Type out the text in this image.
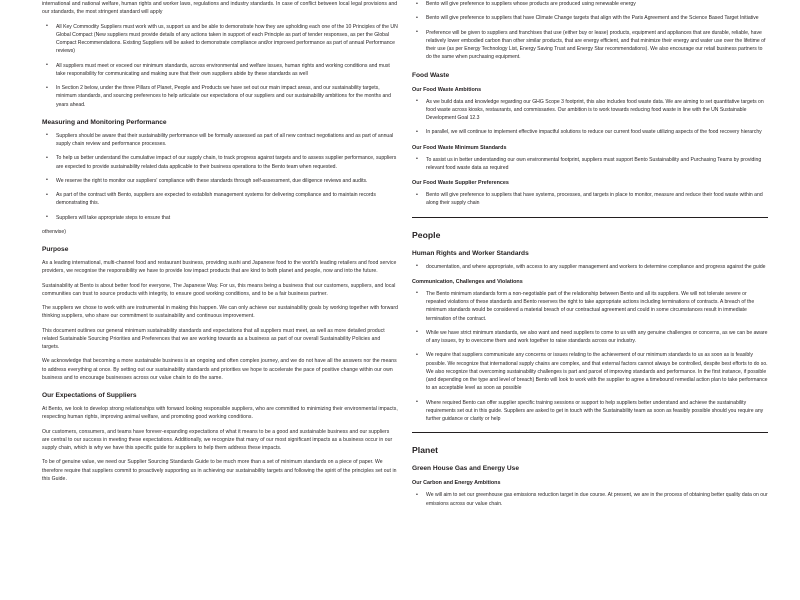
international and national welfare, human rights and worker laws, regulations and industry standards. In case of conflict between local legal provisions and our standards, the most stringent standard will apply

• All Key Commodity Suppliers must work with us, support us and be able to demonstrate how they are upholding each one of the 10 Principles of the UN Global Compact (New suppliers must provide details of any actions taken in support of each Principle as part of tender responses, as per the Global Compact Recommendations. Existing Suppliers will be asked to demonstrate compliance and/or improved performance as part of annual Performance reviews)
• All suppliers must meet or exceed our minimum standards, across environmental and welfare issues, human rights and working conditions and must take responsibility for communicating and making sure that their own suppliers abide by these standards as well
• In Section 2 below, under the three Pillars of Planet, People and Products we have set out our main impact areas, and our sustainability targets, minimum standards, and sourcing preferences to help articulate our expectations of our suppliers and our sustainability ambitions for the months and years ahead.
Measuring and Monitoring Performance
• Suppliers should be aware that their sustainability performance will be formally assessed as part of all new contract negotiations and as part of annual supply chain review and performance processes.
• To help us better understand the cumulative impact of our supply chain, to track progress against targets and to assess supplier performance, suppliers are expected to provide sustainability related data applicable to their business operations to the Bento team when requested.
• We reserve the right to monitor our suppliers' compliance with these standards through self-assessment, due diligence reviews and audits.
• As part of the contract with Bento, suppliers are expected to establish management systems for delivering compliance and to maintain records demonstrating this.
• Suppliers will take appropriate steps to ensure that

otherwise)

Purpose

As a leading international, multi-channel food and restaurant business, providing sushi and Japanese food to the world's leading retailers and food service providers, we recognise the responsibility we have to provide low impact products that are kind to both planet and people, now and into the future.

Sustainability at Bento is about better food for everyone, The Japanese Way. For us, this means being a business that our customers, suppliers, and local communities can trust to source products with integrity, to ensure good working conditions, and to be a fair business partner.

The suppliers we chose to work with are instrumental in making this happen. We can only achieve our sustainability goals by working together with forward thinking suppliers, who share our commitment to sustainability and continuous improvement.

This document outlines our general minimum sustainability standards and expectations that all suppliers must meet, as well as more detailed product related Sustainable Sourcing Priorities and Preferences that we are working towards as a business as part of our overall Sustainability Policies and targets.

We acknowledge that becoming a more sustainable business is an ongoing and often complex journey, and we do not have all the answers nor the means to address everything at once. By setting out our sustainability standards and priorities we hope to accelerate the pace of positive change within our own business and to encourage businesses across our value chain to do the same.

Our Expectations of Suppliers

At Bento, we look to develop strong relationships with forward looking responsible suppliers, who are committed to minimizing their environmental impacts, respecting human rights, improving animal welfare, and promoting good working conditions.

Our customers, consumers, and teams have forever-expanding expectations of what it means to be a good and sustainable business and our suppliers are central to our success in meeting these expectations. Additionally, we recognize that many of our most significant impacts as a business occur in our supply chain, which is why we have this specific guide for suppliers to help them address these impacts.

To be of genuine value, we need our Supplier Sourcing Standards Guide to be much more than a set of minimum standards on a piece of paper. We therefore require that suppliers commit to proactively supporting us in achieving our sustainability targets and following the spirit of the principles set out in this Guide.

• Bento will give preference to suppliers whose products are produced using renewable energy
• Bento will give preference to suppliers that have Climate Change targets that align with the Paris Agreement and the Science Based Target Initiative
• Preference will be given to suppliers and franchises that use (either buy or lease) products, equipment and appliances that are durable, reliable, have relatively lower embodied carbon than other similar products, that are energy efficient, and that minimize their energy and water use over the lifetime of their use (as per Energy Technology List, Energy Saving Trust and Energy Star recommendations). We also encourage our retail business partners to do the same when purchasing equipment.
Food Waste
Our Food Waste Ambitions
• As we build data and knowledge regarding our GHG Scope 3 footprint, this also includes food waste data. We are aiming to set quantitative targets on food waste across kiosks, restaurants, and commissaries. Our ambition is to work towards reducing food waste in line with the UN Sustainable Development Goal 12.3
• In parallel, we will continue to implement effective impactful solutions to reduce our current food waste utilizing aspects of the food recovery hierarchy
Our Food Waste Minimum Standards
• To assist us in better understanding our own environmental footprint, suppliers must support Bento Sustainability and Purchasing Teams by providing relevant food waste data as required
Our Food Waste Supplier Preferences
• Bento will give preference to suppliers that have systems, processes, and targets in place to monitor, measure and reduce their food waste within and along their supply chain
People
Human Rights and Worker Standards
• documentation, and where appropriate, with access to any supplier management and workers to determine compliance and progress against the guide
Communication, Challenges and Violations
• The Bento minimum standards form a non-negotiable part of the relationship between Bento and all its suppliers. We will not tolerate severe or repeated violations of these standards and Bento reserves the right to take appropriate actions including terminations of contracts. A breach of the minimum standards would be considered a material breach of our contractual agreement and could in some circumstances result in immediate termination of the contract.
• While we have strict minimum standards, we also want and need suppliers to come to us with any genuine challenges or concerns, as we can be aware of any issues, try to overcome them and work together to raise standards across our industry.
• We require that suppliers communicate any concerns or issues relating to the achievement of our minimum standards to us as soon as is feasibly possible. We recognize that international supply chains are complex, and that external factors cannot always be controlled, despite best efforts to do so. We also recognize that overcoming sustainability challenges is part and parcel of improving standards and performance. In the first instance, if possible (and depending on the type and level of breach) Bento will look to work with the supplier to agree a timebound remedial action plan to take performance to an acceptable level as soon as possible
• Where required Bento can offer supplier specific training sessions or support to help suppliers better understand and achieve the sustainability requirements set out in this guide. Suppliers are asked to get in touch with the Sustainability team as soon as feasibly possible should you require any further guidance or clarity or help
Planet
Green House Gas and Energy Use
Our Carbon and Energy Ambitions
• We will aim to set our greenhouse gas emissions reduction target in due course. At present, we are in the process of obtaining better quality data on our emissions across our value chain.
